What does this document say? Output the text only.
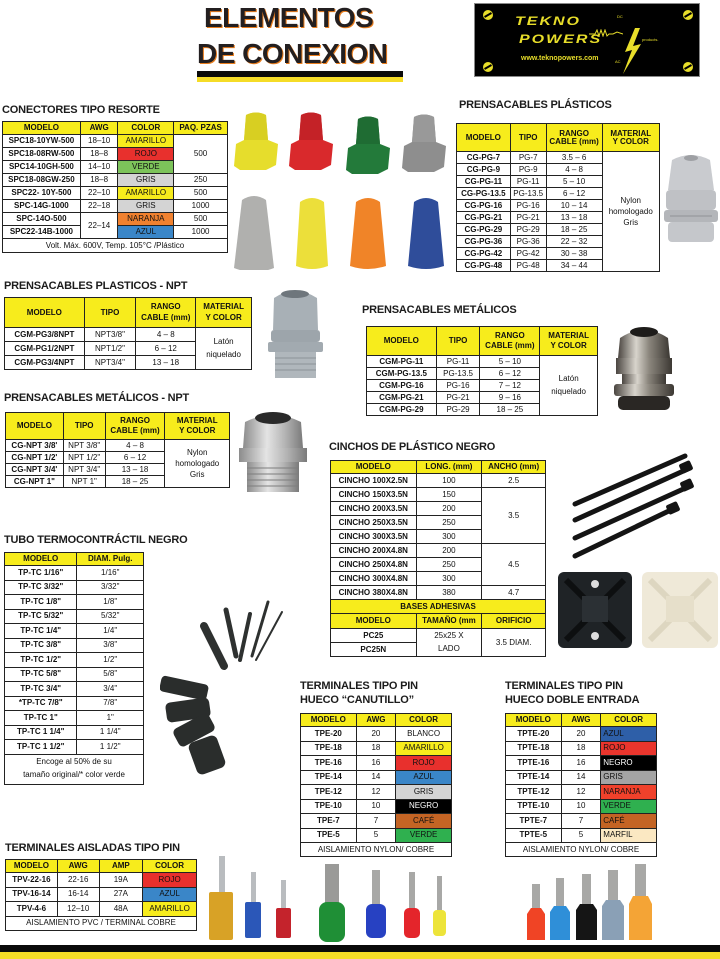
ELEMENTOS
DE CONEXION
TEKNO
POWERS
DC
products.
www.teknopowers.com	AC
CONECTORES TIPO RESORTE
MODELO	AWG	COLOR	PAQ. PZAS
SPC18-10YW-500	18–10	AMARILLO	500
SPC18-08RW-500	18–8	ROJO	
SPC14-10GH-500	14–10	VERDE	
SPC18-08GW-250	18–8	GRIS	250
SPC22- 10Y-500	22–10	AMARILLO	500
SPC-14G-1000	22–18	GRIS	1000
SPC-14O-500	22–14	NARANJA	500
SPC22-14B-1000		AZUL	1000
Volt. Máx. 600V, Temp. 105°C /Plástico			
PRENSACABLES PLÁSTICOS
MODELO	TIPO	RANGO
CABLE (mm)	MATERIAL
Y COLOR
CG-PG-7	PG-7	3.5 – 6	Nylon
homologado
Gris
CG-PG-9	PG-9	4 – 8	
CG-PG-11	PG-11	5 – 10	
CG-PG-13.5	PG-13.5	6 – 12	
CG-PG-16	PG-16	10 – 14	
CG-PG-21	PG-21	13 – 18	
CG-PG-29	PG-29	18 – 25	
CG-PG-36	PG-36	22 – 32	
CG-PG-42	PG-42	30 – 38	
CG-PG-48	PG-48	34 – 44	
PRENSACABLES PLASTICOS - NPT
MODELO	TIPO	RANGO
CABLE (mm)	MATERIAL
Y COLOR
CGM-PG3/8NPT	NPT3/8"	4 – 8	Latón
niquelado
CGM-PG1/2NPT	NPT1/2"	6 – 12	
CGM-PG3/4NPT	NPT3/4"	13 – 18	
PRENSACABLES METÁLICOS
MODELO	TIPO	RANGO
CABLE (mm)	MATERIAL
Y COLOR
CGM-PG-11	PG-11	5 – 10	Latón
niquelado
CGM-PG-13.5	PG-13.5	6 – 12	
CGM-PG-16	PG-16	7 – 12	
CGM-PG-21	PG-21	9 – 16	
CGM-PG-29	PG-29	18 – 25	
PRENSACABLES METÁLICOS - NPT
MODELO	TIPO	RANGO
CABLE (mm)	MATERIAL
Y COLOR
CG-NPT 3/8'	NPT 3/8"	4 – 8	Nylon
homologado
Gris
CG-NPT 1/2'	NPT 1/2"	6 – 12	
CG-NPT 3/4'	NPT 3/4"	13 – 18	
CG-NPT 1"	NPT 1"	18 – 25	
CINCHOS DE PLÁSTICO NEGRO
MODELO	LONG. (mm)	ANCHO (mm)
CINCHO 100X2.5N	100	2.5
CINCHO 150X3.5N	150	3.5
CINCHO 200X3.5N	200	
CINCHO 250X3.5N	250	
CINCHO 300X3.5N	300	
CINCHO 200X4.8N	200	4.5
CINCHO 250X4.8N	250	
CINCHO 300X4.8N	300	
CINCHO 380X4.8N	380	4.7
BASES ADHESIVAS		
MODELO	TAMAÑO (mm	ORIFICIO
PC25	25x25 X	3.5 DIAM.
PC25N	LADO	
TUBO TERMOCONTRÁCTIL NEGRO
MODELO	DIAM. Pulg.
TP-TC 1/16"	1/16"
TP-TC 3/32"	3/32"
TP-TC 1/8"	1/8"
TP-TC 5/32"	5/32"
TP-TC 1/4"	1/4"
TP-TC 3/8"	3/8"
TP-TC 1/2"	1/2"
TP-TC 5/8"	5/8"
TP-TC 3/4"	3/4"
*TP-TC 7/8"	7/8"
TP-TC 1"	1"
TP-TC 1 1/4"	1 1/4"
TP-TC 1 1/2"	1 1/2"
Encoge al 50% de su
tamaño original/* color verde	
TERMINALES TIPO PIN
HUECO “CANUTILLO”
MODELO	AWG	COLOR
TPE-20	20	BLANCO
TPE-18	18	AMARILLO
TPE-16	16	ROJO
TPE-14	14	AZUL
TPE-12	12	GRIS
TPE-10	10	NEGRO
TPE-7	7	CAFÉ
TPE-5	5	VERDE
AISLAMIENTO NYLON/ COBRE		
TERMINALES TIPO PIN
HUECO DOBLE ENTRADA
MODELO	AWG	COLOR
TPTE-20	20	AZUL
TPTE-18	18	ROJO
TPTE-16	16	NEGRO
TPTE-14	14	GRIS
TPTE-12	12	NARANJA
TPTE-10	10	VERDE
TPTE-7	7	CAFÉ
TPTE-5	5	MARFIL
AISLAMIENTO NYLON/ COBRE		
TERMINALES AISLADAS TIPO PIN
MODELO	AWG	AMP	COLOR
TPV-22-16	22-16	19A	ROJO
TPV-16-14	16-14	27A	AZUL
TPV-4-6	12–10	48A	AMARILLO
AISLAMIENTO PVC / TERMINAL COBRE			
